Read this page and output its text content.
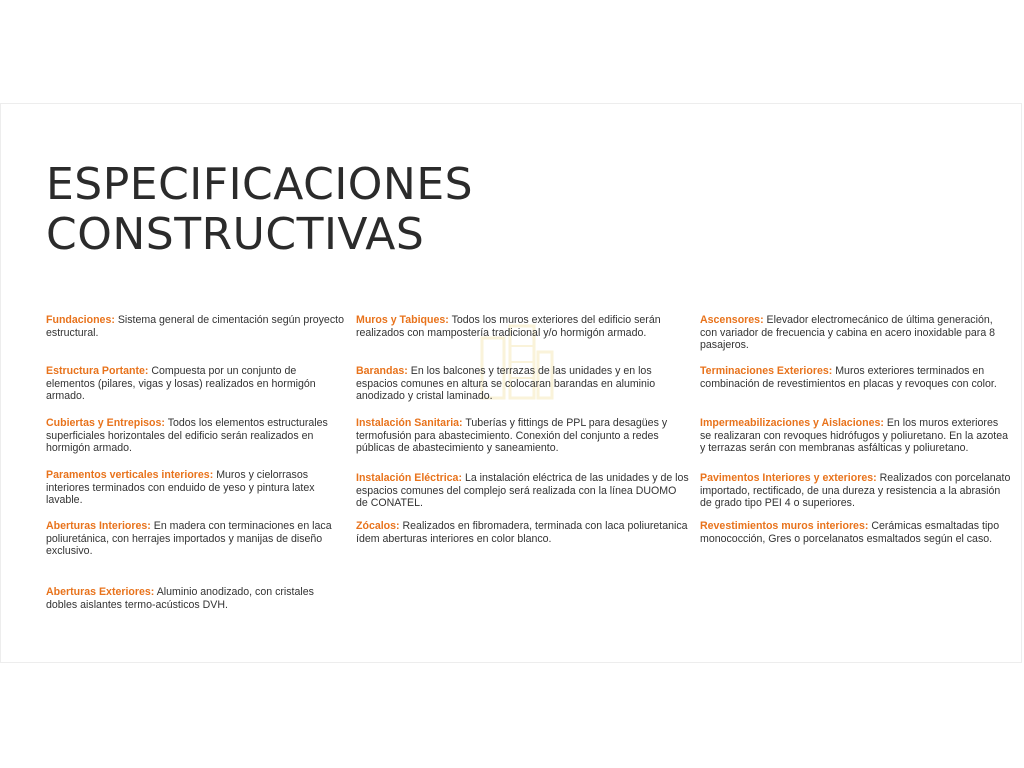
ESPECIFICACIONES
CONSTRUCTIVAS

Fundaciones: Sistema general de cimentación según proyecto estructural.

Estructura Portante: Compuesta por un conjunto de elementos (pilares, vigas y losas) realizados en hormigón armado.

Cubiertas y Entrepisos: Todos los elementos estructurales superficiales horizontales del edificio serán realizados en hormigón armado.

Paramentos verticales interiores: Muros y cielorrasos interiores terminados con enduido de yeso y pintura latex lavable.

Aberturas Interiores: En madera con terminaciones en laca poliuretánica, con herrajes importados y manijas de diseño exclusivo.

Aberturas Exteriores: Aluminio anodizado, con cristales dobles aislantes termo-acústicos DVH.

Muros y Tabiques: Todos los muros exteriores del edificio serán realizados con mampostería tradicional y/o hormigón armado.

Barandas: En los balcones y terrazas de las unidades y en los espacios comunes en altura se colocaran barandas en aluminio anodizado y cristal laminado.

Instalación Sanitaria: Tuberías y fittings de PPL para desagües y termofusión para abastecimiento. Conexión del conjunto a redes públicas de abastecimiento y saneamiento.

Instalación Eléctrica: La instalación eléctrica de las unidades y de los espacios comunes del complejo será realizada con la línea DUOMO de CONATEL.

Zócalos: Realizados en fibromadera, terminada con laca poliuretanica ídem aberturas interiores en color blanco.

Ascensores: Elevador electromecánico de última generación, con variador de frecuencia y cabina en acero inoxidable para 8 pasajeros.

Terminaciones Exteriores: Muros exteriores terminados en combinación de revestimientos en placas y revoques con color.

Impermeabilizaciones y Aislaciones: En los muros exteriores se realizaran con revoques hidrófugos y poliuretano. En la azotea y terrazas serán con membranas asfálticas y poliuretano.

Pavimentos Interiores y exteriores: Realizados con porcelanato importado, rectificado, de una dureza y resistencia a la abrasión de grado tipo PEI 4 o superiores.

Revestimientos muros interiores: Cerámicas esmaltadas tipo monococción, Gres o porcelanatos esmaltados según el caso.
